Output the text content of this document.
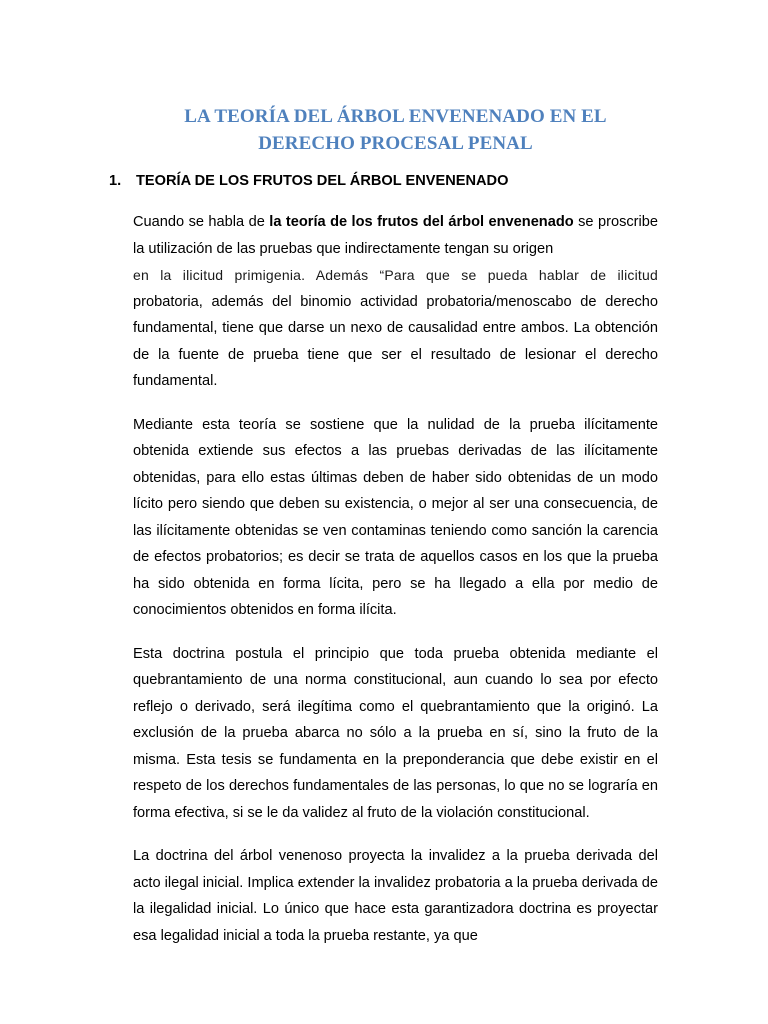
LA TEORÍA DEL ÁRBOL ENVENENADO EN EL
DERECHO PROCESAL PENAL
1. TEORÍA DE LOS FRUTOS DEL ÁRBOL ENVENENADO

Cuando se habla de la teoría de los frutos del árbol envenenado se proscribe la utilización de las pruebas que indirectamente tengan su origen
en la ilicitud primigenia. Además “Para que se pueda hablar de ilicitud
probatoria, además del binomio actividad probatoria/menoscabo de derecho fundamental, tiene que darse un nexo de causalidad entre ambos. La obtención de la fuente de prueba tiene que ser el resultado de lesionar el derecho fundamental.

Mediante esta teoría se sostiene que la nulidad de la prueba ilícitamente obtenida extiende sus efectos a las pruebas derivadas de las ilícitamente obtenidas, para ello estas últimas deben de haber sido obtenidas de un modo lícito pero siendo que deben su existencia, o mejor al ser una consecuencia, de las ilícitamente obtenidas se ven contaminas teniendo como sanción la carencia de efectos probatorios; es decir se trata de aquellos casos en los que la prueba ha sido obtenida en forma lícita, pero se ha llegado a ella por medio de conocimientos obtenidos en forma ilícita.

Esta doctrina postula el principio que toda prueba obtenida mediante el quebrantamiento de una norma constitucional, aun cuando lo sea por efecto reflejo o derivado, será ilegítima como el quebrantamiento que la originó. La exclusión de la prueba abarca no sólo a la prueba en sí, sino la fruto de la misma. Esta tesis se fundamenta en la preponderancia que debe existir en el respeto de los derechos fundamentales de las personas, lo que no se lograría en forma efectiva, si se le da validez al fruto de la violación constitucional.

La doctrina del árbol venenoso proyecta la invalidez a la prueba derivada del acto ilegal inicial. Implica extender la invalidez probatoria a la prueba derivada de la ilegalidad inicial. Lo único que hace esta garantizadora doctrina es proyectar esa legalidad inicial a toda la prueba restante, ya que
